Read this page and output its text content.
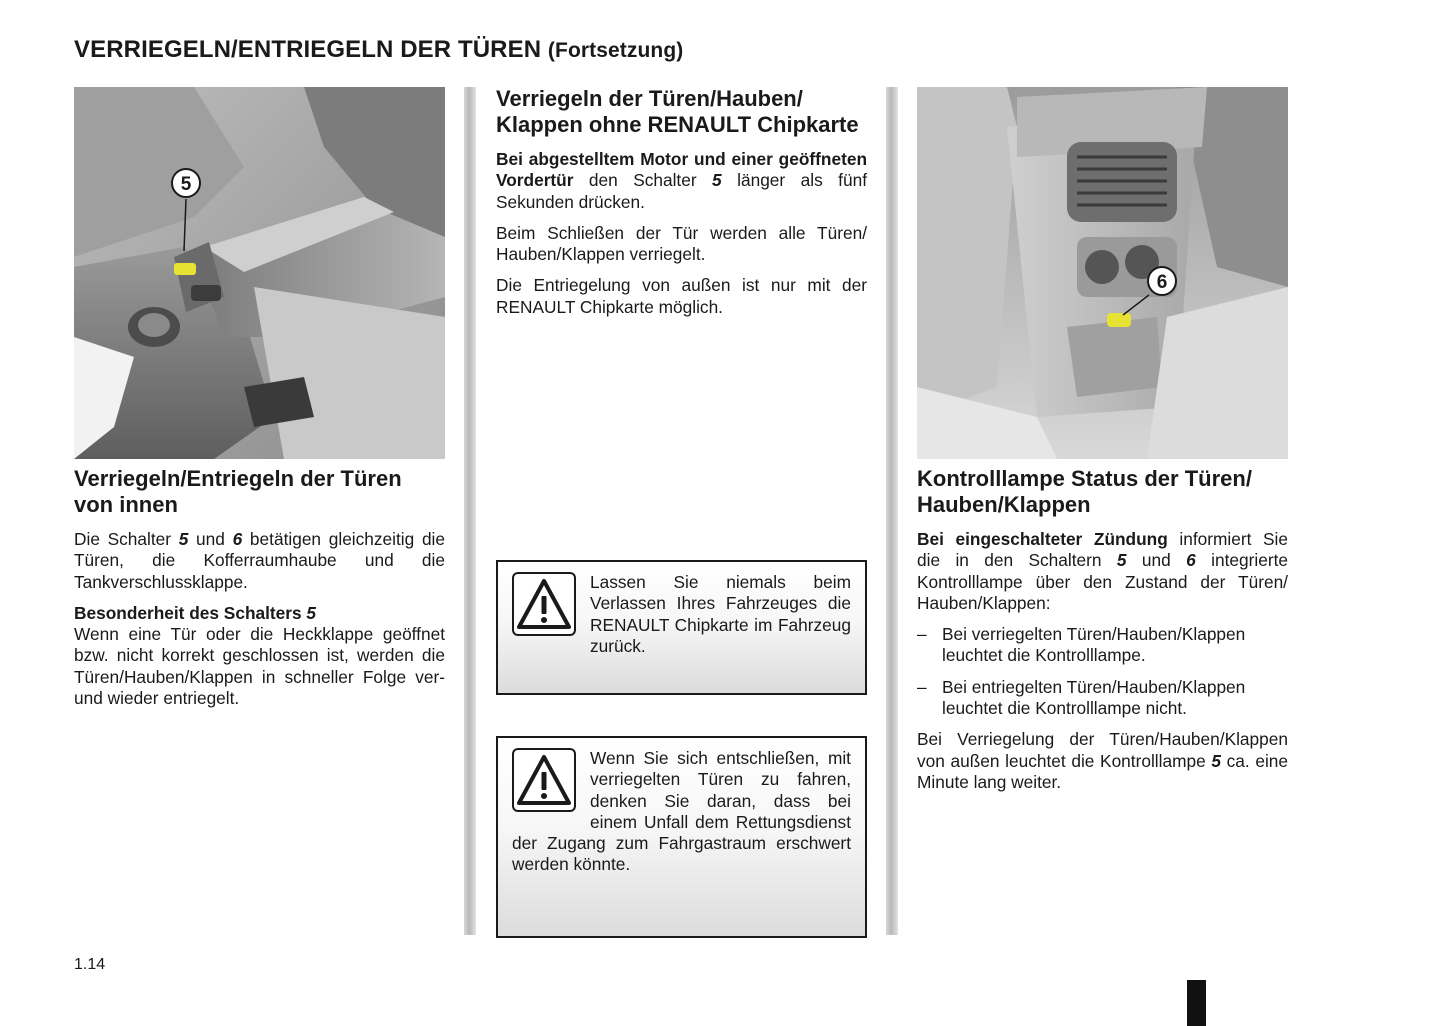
VERRIEGELN/ENTRIEGELN DER TÜREN (Fortsetzung)
5
Verriegeln/Entriegeln der Türen von innen

Die Schalter 5 und 6 betätigen gleichzeitig die Türen, die Kofferraumhaube und die Tankverschlussklappe.

Besonderheit des Schalters 5

Wenn eine Tür oder die Heckklappe geöffnet bzw. nicht korrekt geschlossen ist, werden die Türen/Hauben/Klappen in schneller Folge ver- und wieder entriegelt.

Verriegeln der Türen/Hauben/ Klappen ohne RENAULT Chipkarte

Bei abgestelltem Motor und einer geöffneten Vordertür den Schalter 5 länger als fünf Sekunden drücken.

Beim Schließen der Tür werden alle Türen/ Hauben/Klappen verriegelt.

Die Entriegelung von außen ist nur mit der RENAULT Chipkarte möglich.

Lassen Sie niemals beim Verlassen Ihres Fahrzeuges die RENAULT Chipkarte im Fahrzeug zurück.
Wenn Sie sich entschließen, mit verriegelten Türen zu fahren, denken Sie daran, dass bei einem Unfall dem Rettungsdienst der Zugang zum Fahrgastraum erschwert werden könnte.
6
Kontrolllampe Status der Türen/ Hauben/Klappen

Bei eingeschalteter Zündung informiert Sie die in den Schaltern 5 und 6 integrierte Kontrolllampe über den Zustand der Türen/ Hauben/Klappen:

– Bei verriegelten Türen/Hauben/Klappen leuchtet die Kontrolllampe.
– Bei entriegelten Türen/Hauben/Klappen leuchtet die Kontrolllampe nicht.

Bei Verriegelung der Türen/Hauben/Klappen von außen leuchtet die Kontrolllampe 5 ca. eine Minute lang weiter.

1.14
